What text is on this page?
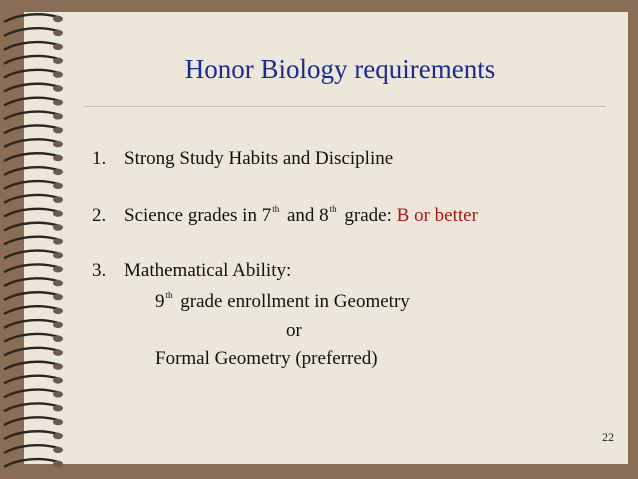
Honor Biology requirements
1. Strong Study Habits and Discipline
2. Science grades in 7th and 8th grade: B or better
3. Mathematical Ability:
9th grade enrollment in Geometry
or
Formal Geometry (preferred)
22
